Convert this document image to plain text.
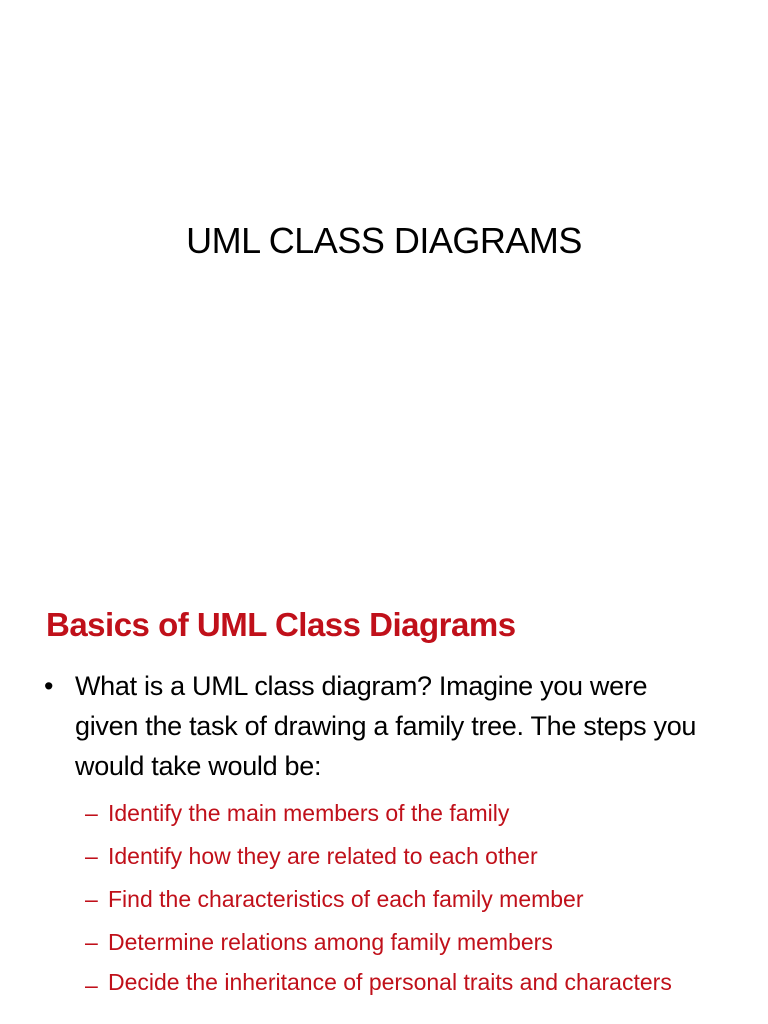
UML CLASS DIAGRAMS
Basics of UML Class Diagrams
• What is a UML class diagram? Imagine you were given the task of drawing a family tree. The steps you would take would be:
– Identify the main members of the family
– Identify how they are related to each other
– Find the characteristics of each family member
– Determine relations among family members
– Decide the inheritance of personal traits and characters
